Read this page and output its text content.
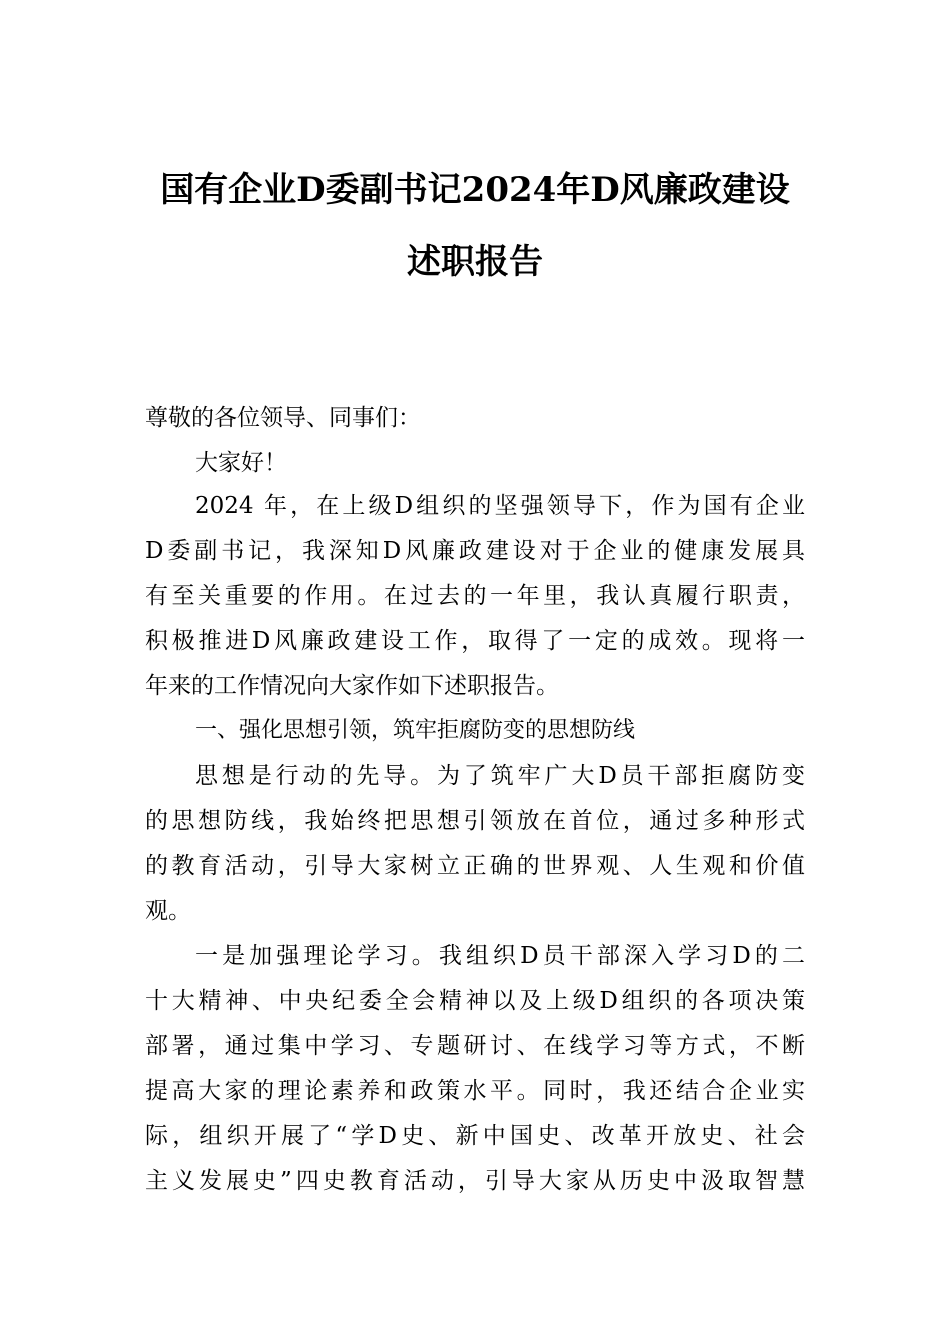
国有企业D委副书记2024年D风廉政建设
述职报告
尊敬的各位领导、同事们：
大家好！
2024 年，在上级D组织的坚强领导下，作为国有企业
D委副书记，我深知D风廉政建设对于企业的健康发展具
有至关重要的作用。在过去的一年里，我认真履行职责，
积极推进D风廉政建设工作，取得了一定的成效。现将一
年来的工作情况向大家作如下述职报告。
一、强化思想引领，筑牢拒腐防变的思想防线
思想是行动的先导。为了筑牢广大D员干部拒腐防变
的思想防线，我始终把思想引领放在首位，通过多种形式
的教育活动，引导大家树立正确的世界观、人生观和价值
观。
一是加强理论学习。我组织D员干部深入学习D的二
十大精神、中央纪委全会精神以及上级D组织的各项决策
部署，通过集中学习、专题研讨、在线学习等方式，不断
提高大家的理论素养和政策水平。同时，我还结合企业实
际，组织开展了“学D史、新中国史、改革开放史、社会
主义发展史”四史教育活动，引导大家从历史中汲取智慧
